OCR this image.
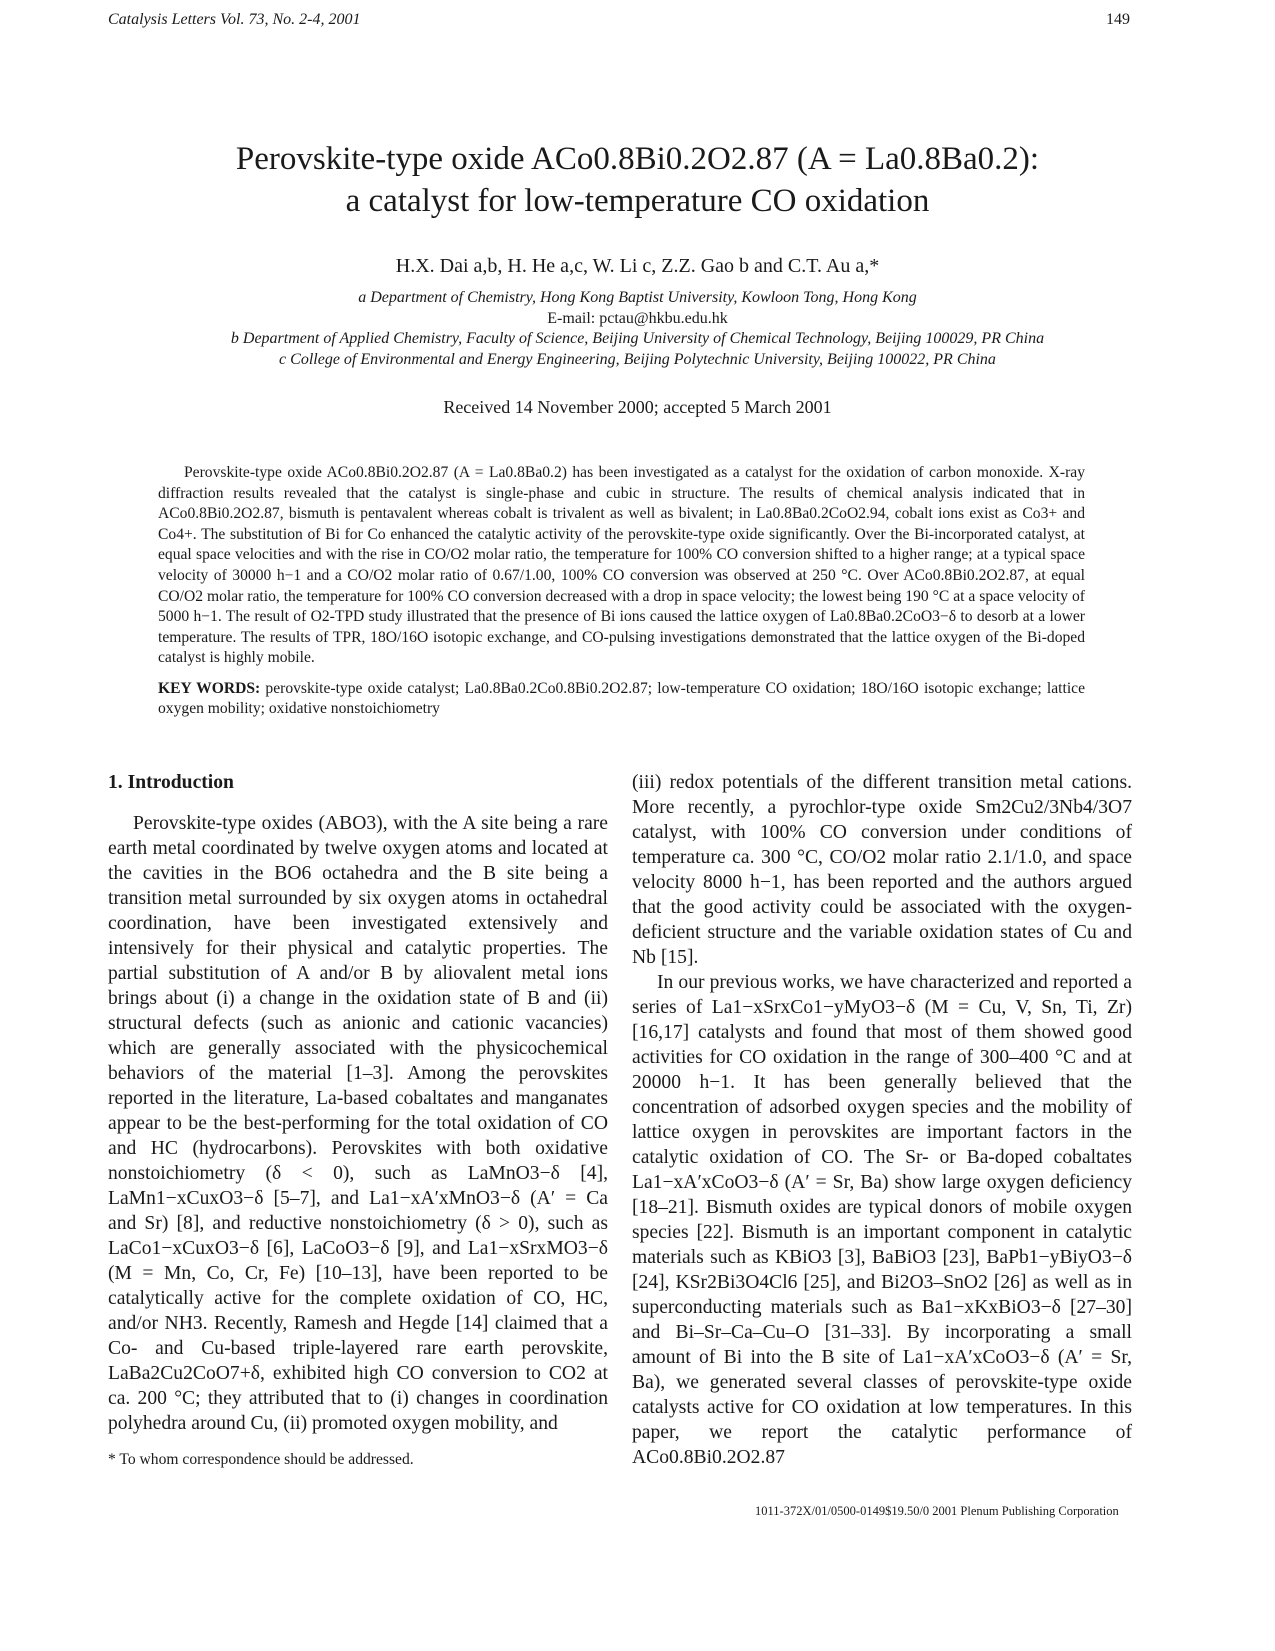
Catalysis Letters Vol. 73, No. 2-4, 2001	149
Perovskite-type oxide ACo0.8Bi0.2O2.87 (A = La0.8Ba0.2):
a catalyst for low-temperature CO oxidation
H.X. Dai a,b, H. He a,c, W. Li c, Z.Z. Gao b and C.T. Au a,*
a Department of Chemistry, Hong Kong Baptist University, Kowloon Tong, Hong Kong
E-mail: pctau@hkbu.edu.hk
b Department of Applied Chemistry, Faculty of Science, Beijing University of Chemical Technology, Beijing 100029, PR China
c College of Environmental and Energy Engineering, Beijing Polytechnic University, Beijing 100022, PR China
Received 14 November 2000; accepted 5 March 2001

Perovskite-type oxide ACo0.8Bi0.2O2.87 (A = La0.8Ba0.2) has been investigated as a catalyst for the oxidation of carbon monoxide. X-ray diffraction results revealed that the catalyst is single-phase and cubic in structure. The results of chemical analysis indicated that in ACo0.8Bi0.2O2.87, bismuth is pentavalent whereas cobalt is trivalent as well as bivalent; in La0.8Ba0.2CoO2.94, cobalt ions exist as Co3+ and Co4+. The substitution of Bi for Co enhanced the catalytic activity of the perovskite-type oxide significantly. Over the Bi-incorporated catalyst, at equal space velocities and with the rise in CO/O2 molar ratio, the temperature for 100% CO conversion shifted to a higher range; at a typical space velocity of 30000 h−1 and a CO/O2 molar ratio of 0.67/1.00, 100% CO conversion was observed at 250 °C. Over ACo0.8Bi0.2O2.87, at equal CO/O2 molar ratio, the temperature for 100% CO conversion decreased with a drop in space velocity; the lowest being 190 °C at a space velocity of 5000 h−1. The result of O2-TPD study illustrated that the presence of Bi ions caused the lattice oxygen of La0.8Ba0.2CoO3−δ to desorb at a lower temperature. The results of TPR, 18O/16O isotopic exchange, and CO-pulsing investigations demonstrated that the lattice oxygen of the Bi-doped catalyst is highly mobile.

KEY WORDS: perovskite-type oxide catalyst; La0.8Ba0.2Co0.8Bi0.2O2.87; low-temperature CO oxidation; 18O/16O isotopic exchange; lattice oxygen mobility; oxidative nonstoichiometry
1. Introduction

Perovskite-type oxides (ABO3), with the A site being a rare earth metal coordinated by twelve oxygen atoms and located at the cavities in the BO6 octahedra and the B site being a transition metal surrounded by six oxygen atoms in octahedral coordination, have been investigated extensively and intensively for their physical and catalytic properties. The partial substitution of A and/or B by aliovalent metal ions brings about (i) a change in the oxidation state of B and (ii) structural defects (such as anionic and cationic vacancies) which are generally associated with the physicochemical behaviors of the material [1–3]. Among the perovskites reported in the literature, La-based cobaltates and manganates appear to be the best-performing for the total oxidation of CO and HC (hydrocarbons). Perovskites with both oxidative nonstoichiometry (δ < 0), such as LaMnO3−δ [4], LaMn1−xCuxO3−δ [5–7], and La1−xA′xMnO3−δ (A′ = Ca and Sr) [8], and reductive nonstoichiometry (δ > 0), such as LaCo1−xCuxO3−δ [6], LaCoO3−δ [9], and La1−xSrxMO3−δ (M = Mn, Co, Cr, Fe) [10–13], have been reported to be catalytically active for the complete oxidation of CO, HC, and/or NH3. Recently, Ramesh and Hegde [14] claimed that a Co- and Cu-based triple-layered rare earth perovskite, LaBa2Cu2CoO7+δ, exhibited high CO conversion to CO2 at ca. 200 °C; they attributed that to (i) changes in coordination polyhedra around Cu, (ii) promoted oxygen mobility, and

(iii) redox potentials of the different transition metal cations. More recently, a pyrochlor-type oxide Sm2Cu2/3Nb4/3O7 catalyst, with 100% CO conversion under conditions of temperature ca. 300 °C, CO/O2 molar ratio 2.1/1.0, and space velocity 8000 h−1, has been reported and the authors argued that the good activity could be associated with the oxygen-deficient structure and the variable oxidation states of Cu and Nb [15].

In our previous works, we have characterized and reported a series of La1−xSrxCo1−yMyO3−δ (M = Cu, V, Sn, Ti, Zr) [16,17] catalysts and found that most of them showed good activities for CO oxidation in the range of 300–400 °C and at 20000 h−1. It has been generally believed that the concentration of adsorbed oxygen species and the mobility of lattice oxygen in perovskites are important factors in the catalytic oxidation of CO. The Sr- or Ba-doped cobaltates La1−xA′xCoO3−δ (A′ = Sr, Ba) show large oxygen deficiency [18–21]. Bismuth oxides are typical donors of mobile oxygen species [22]. Bismuth is an important component in catalytic materials such as KBiO3 [3], BaBiO3 [23], BaPb1−yBiyO3−δ [24], KSr2Bi3O4Cl6 [25], and Bi2O3–SnO2 [26] as well as in superconducting materials such as Ba1−xKxBiO3−δ [27–30] and Bi–Sr–Ca–Cu–O [31–33]. By incorporating a small amount of Bi into the B site of La1−xA′xCoO3−δ (A′ = Sr, Ba), we generated several classes of perovskite-type oxide catalysts active for CO oxidation at low temperatures. In this paper, we report the catalytic performance of ACo0.8Bi0.2O2.87

* To whom correspondence should be addressed.
1011-372X/01/0500-0149$19.50/0 2001 Plenum Publishing Corporation
